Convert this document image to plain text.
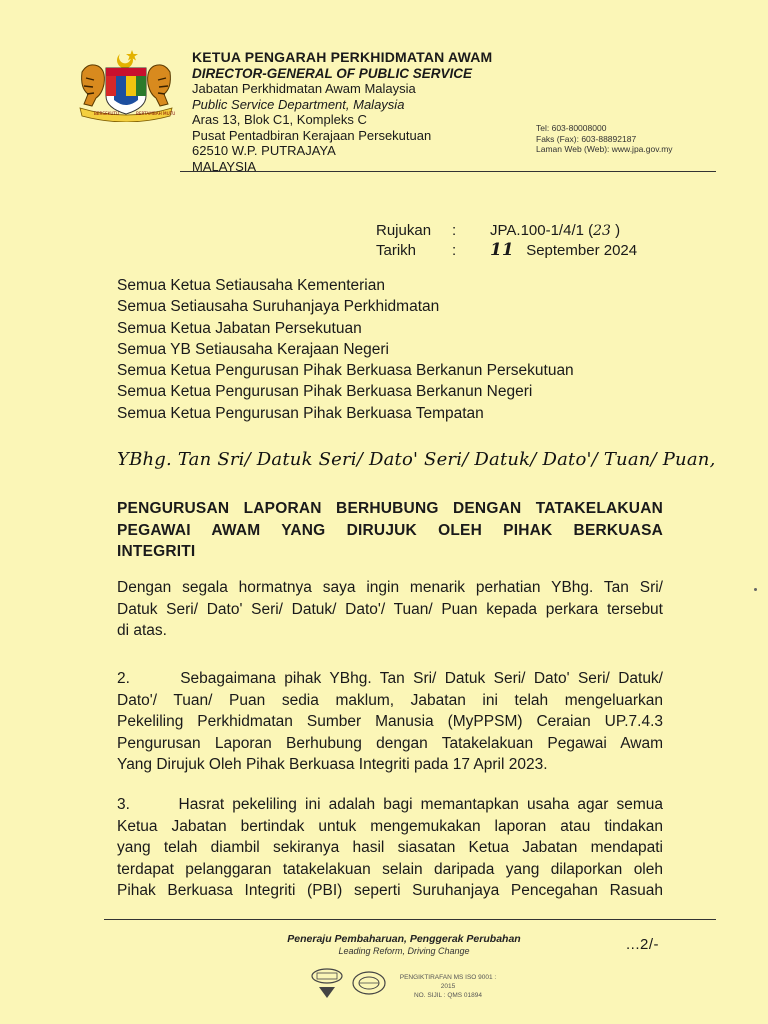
BERSEKUTU	BERTAMBAH MUTU
KETUA PENGARAH PERKHIDMATAN AWAM
DIRECTOR-GENERAL OF PUBLIC SERVICE
Jabatan Perkhidmatan Awam Malaysia
Public Service Department, Malaysia
Aras 13, Blok C1, Kompleks C
Pusat Pentadbiran Kerajaan Persekutuan
62510 W.P. PUTRAJAYA
MALAYSIA
Tel: 603-80008000
Faks (Fax): 603-88892187
Laman Web (Web): www.jpa.gov.my
Rujukan	:	JPA.100-1/4/1 (23 )
Tarikh	:	11 September 2024
Semua Ketua Setiausaha Kementerian
Semua Setiausaha Suruhanjaya Perkhidmatan
Semua Ketua Jabatan Persekutuan
Semua YB Setiausaha Kerajaan Negeri
Semua Ketua Pengurusan Pihak Berkuasa Berkanun Persekutuan
Semua Ketua Pengurusan Pihak Berkuasa Berkanun Negeri
Semua Ketua Pengurusan Pihak Berkuasa Tempatan
YBhg. Tan Sri/ Datuk Seri/ Dato' Seri/ Datuk/ Dato'/ Tuan/ Puan,
PENGURUSAN LAPORAN BERHUBUNG DENGAN TATAKELAKUAN
PEGAWAI AWAM YANG DIRUJUK OLEH PIHAK BERKUASA
INTEGRITI
Dengan segala hormatnya saya ingin menarik perhatian YBhg. Tan Sri/
Datuk Seri/ Dato' Seri/ Datuk/ Dato'/ Tuan/ Puan kepada perkara tersebut
di atas.
2.      Sebagaimana pihak YBhg. Tan Sri/ Datuk Seri/ Dato' Seri/ Datuk/
Dato'/ Tuan/ Puan sedia maklum, Jabatan ini telah mengeluarkan
Pekeliling Perkhidmatan Sumber Manusia (MyPPSM) Ceraian UP.7.4.3
Pengurusan Laporan Berhubung dengan Tatakelakuan Pegawai Awam
Yang Dirujuk Oleh Pihak Berkuasa Integriti pada 17 April 2023.
3.      Hasrat pekeliling ini adalah bagi memantapkan usaha agar semua
Ketua Jabatan bertindak untuk mengemukakan laporan atau tindakan
yang telah diambil sekiranya hasil siasatan Ketua Jabatan mendapati
terdapat pelanggaran tatakelakuan selain daripada yang dilaporkan oleh
Pihak Berkuasa Integriti (PBI) seperti Suruhanjaya Pencegahan Rasuah
Peneraju Pembaharuan, Penggerak Perubahan
Leading Reform, Driving Change	...2/-
PENGIKTIRAFAN MS ISO 9001 : 2015
NO. SIJIL : QMS 01894
